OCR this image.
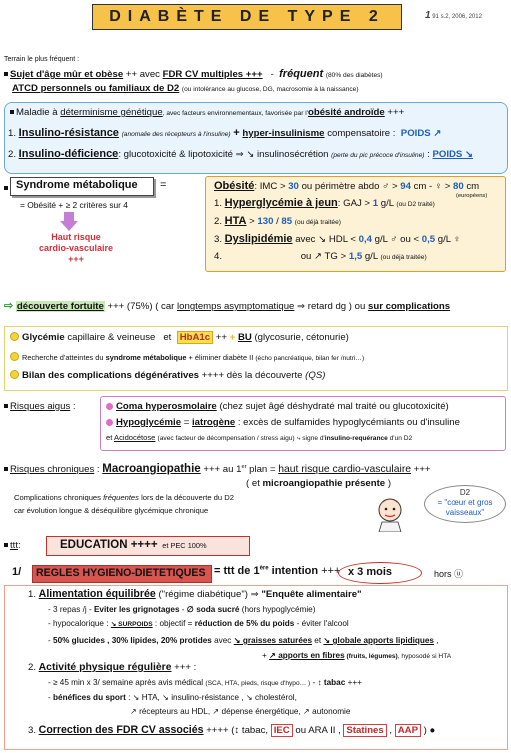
DIABÈTE DE TYPE 2	1 91 s.2, 2006, 2012
Terrain le plus fréquent :
Sujet d'âge mûr et obèse ++ avec FDR CV multiples +++   -  fréquent (80% des diabètes)
ATCD personnels ou familiaux de D2 (ou intolérance au glucose, DG, macrosomie à la naissance)
Maladie à déterminisme génétique, avec facteurs environnementaux, favorisée par l'obésité androïde +++
1. Insulino-résistance (anomalie des récepteurs à l'insuline) + hyper-insulinisme compensatoire : POIDS ↗
2. Insulino-déficience: glucotoxicité & lipotoxicité ⇒ ↘ insulinosécrétion (perte du pic précoce d'insuline) : POIDS ↘
Syndrome métabolique =
= Obésité + ≥ 2 critères sur 4
Haut risque
cardio-vasculaire
+++
Obésité: IMC > 30 ou périmètre abdo ♂ > 94 cm - ♀ > 80 cm
(européens)
1. Hyperglycémie à jeun: GAJ > 1 g/L (ou D2 traité)
2. HTA > 130 / 85 (ou déjà traitée)
3. Dyslipidémie avec ↘ HDL < 0,4 g/L ♂ ou < 0,5 g/L ♀
4.	ou ↗ TG > 1,5 g/L (ou déjà traitée)
⇨ découverte fortuite +++ (75%) ( car longtemps asymptomatique ⇒ retard dg ) ou sur complications
Glycémie capillaire & veineuse et HbA1c ++ + BU (glycosurie, cétonurie)
Recherche d'atteintes du syndrome métabolique + éliminer diabète II (écho pancréatique, bilan fer /nutri…)
Bilan des complications dégénératives ++++ dès la découverte (QS)
Risques aigus :	Coma hyperosmolaire (chez sujet âgé déshydraté mal traité ou glucotoxicité)
Hypoglycémie = iatrogène : excès de sulfamides hypoglycémiants ou d'insuline
et Acidocétose (avec facteur de décompensation / stress aigu) ⤷ signe d'insulino-requérance d'un D2
Risques chroniques : Macroangiopathie +++ au 1er plan = haut risque cardio-vasculaire +++
( et microangiopathie présente )
Complications chroniques fréquentes lors de la découverte du D2
car évolution longue & déséquilibre glycémique chronique
D2
= "cœur et gros vaisseaux"
ttt:	EDUCATION ++++ et PEC 100%
1/ REGLES HYGIENO-DIETETIQUES = ttt de 1ère intention +++ x 3 mois	hors ⓤ
1. Alimentation équilibrée ("régime diabétique") ⇒ "Enquête alimentaire"
- 3 repas /j - Eviter les grignotages - ∅ soda sucré (hors hypoglycémie)
- hypocalorique : ↘ SURPOIDS : objectif = réduction de 5% du poids - éviter l'alcool
- 50% glucides , 30% lipides, 20% protides avec ↘ graisses saturées et ↘ globale apports lipidiques ,
+ ↗ apports en fibres (fruits, légumes), hyposodé si HTA
2. Activité physique régulière +++ :
- ≥ 45 min x 3/ semaine après avis médical (SCA, HTA, pieds, risque d'hypo… ) - ↕ tabac +++
- bénéfices du sport : ↘ HTA, ↘ insulino-résistance , ↘ cholestérol,
↗ récepteurs au HDL, ↗ dépense énergétique, ↗ autonomie
3. Correction des FDR CV associés ++++ (↕ tabac, IEC ou ARA II , Statines , AAP ) ●
